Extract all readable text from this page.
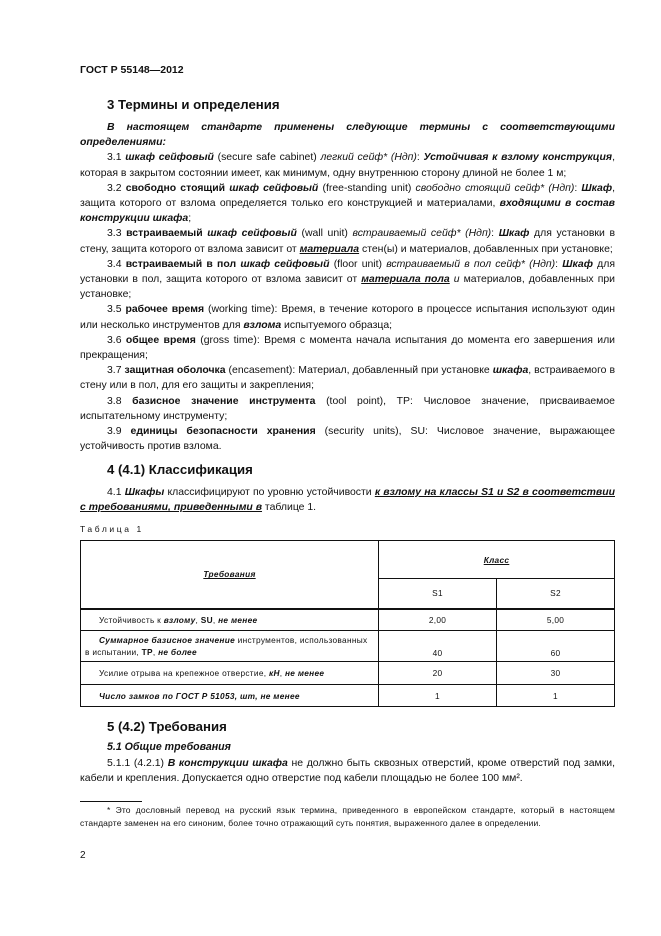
ГОСТ Р 55148—2012
3 Термины и определения

В настоящем стандарте применены следующие термины с соответствующими определениями:

3.1 шкаф сейфовый (secure safe cabinet) легкий сейф* (Ндп): Устойчивая к взлому конструкция, которая в закрытом состоянии имеет, как минимум, одну внутреннюю сторону длиной не более 1 м;

3.2 свободно стоящий шкаф сейфовый (free-standing unit) свободно стоящий сейф* (Ндп): Шкаф, защита которого от взлома определяется только его конструкцией и материалами, входящими в состав конструкции шкафа;

3.3 встраиваемый шкаф сейфовый (wall unit) встраиваемый сейф* (Ндп): Шкаф для установки в стену, защита которого от взлома зависит от материала стен(ы) и материалов, добавленных при установке;

3.4 встраиваемый в пол шкаф сейфовый (floor unit) встраиваемый в пол сейф* (Ндп): Шкаф для установки в пол, защита которого от взлома зависит от материала пола и материалов, добавленных при установке;

3.5 рабочее время (working time): Время, в течение которого в процессе испытания используют один или несколько инструментов для взлома испытуемого образца;

3.6 общее время (gross time): Время с момента начала испытания до момента его завершения или прекращения;

3.7 защитная оболочка (encasement): Материал, добавленный при установке шкафа, встраиваемого в стену или в пол, для его защиты и закрепления;

3.8 базисное значение инструмента (tool point), TP: Числовое значение, присваиваемое испытательному инструменту;

3.9 единицы безопасности хранения (security units), SU: Числовое значение, выражающее устойчивость против взлома.

4 (4.1) Классификация

4.1 Шкафы классифицируют по уровню устойчивости к взлому на классы S1 и S2 в соответствии с требованиями, приведенными в таблице 1.

Таблица 1
Требования	Класс	
	S1	S2
Устойчивость к взлому, SU, не менее	2,00	5,00
Суммарное базисное значение инструментов, использованных в испытании, TP, не более	40	60
Усилие отрыва на крепежное отверстие, кН, не менее	20	30
Число замков по ГОСТ Р 51053, шт, не менее	1	1
5 (4.2) Требования
5.1 Общие требования

5.1.1 (4.2.1) В конструкции шкафа не должно быть сквозных отверстий, кроме отверстий под замки, кабели и крепления. Допускается одно отверстие под кабели площадью не более 100 мм².

* Это дословный перевод на русский язык термина, приведенного в европейском стандарте, который в настоящем стандарте заменен на его синоним, более точно отражающий суть понятия, выраженного далее в определении.
2
